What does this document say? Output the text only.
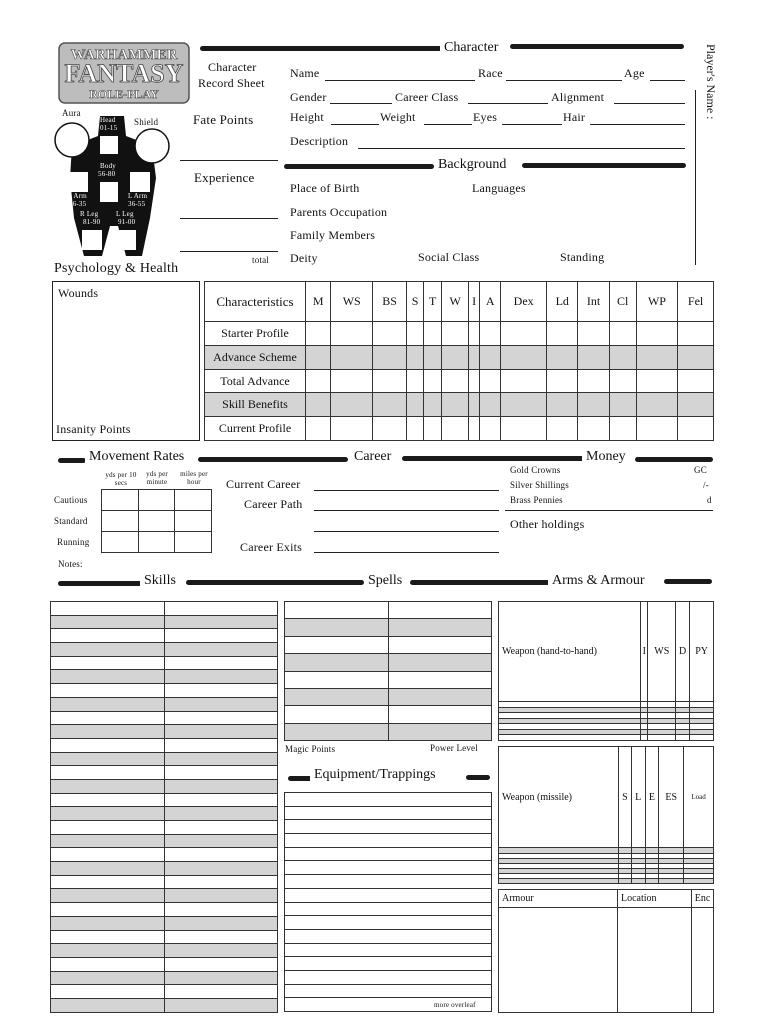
WARHAMMER
FANTASY
ROLE-PLAY
Character
Record Sheet
Fate Points
Experience
total
Aura
Shield
Head
01-15
Body
56-80
R Arm
16-35
L Arm
36-55
R Leg
81-90
L Leg
91-00
Character
Name	Race	Age
Gender	Career Class	Alignment
Height	Weight	Eyes	Hair
Description
Player's Name :
Background
Place of Birth	Languages
Parents Occupation
Family Members
Deity	Social Class	Standing
Psychology & Health
Wounds
Insanity Points
Characteristics	M	WS	BS	S	T	W	I	A	Dex	Ld	Int	Cl	WP	Fel
Starter Profile														
Advance Scheme														
Total Advance														
Skill Benefits														
Current Profile														
Movement Rates
yds per 10 secs
yds per minute
miles per hour

Cautious
Standard
Running
Notes:
Career
Current Career
Career Path
Career Exits
Money
Gold Crowns	GC
Silver Shillings	/-
Brass Pennies	d
Other holdings
Skills	Spells	Arms & Armour

Magic Points	Power Level
Equipment/Trappings

more overleaf
Weapon (hand-to-hand)	I	WS	D	PY

Weapon (missile)	S	L	E	ES	Load

Armour	Location	Enc
